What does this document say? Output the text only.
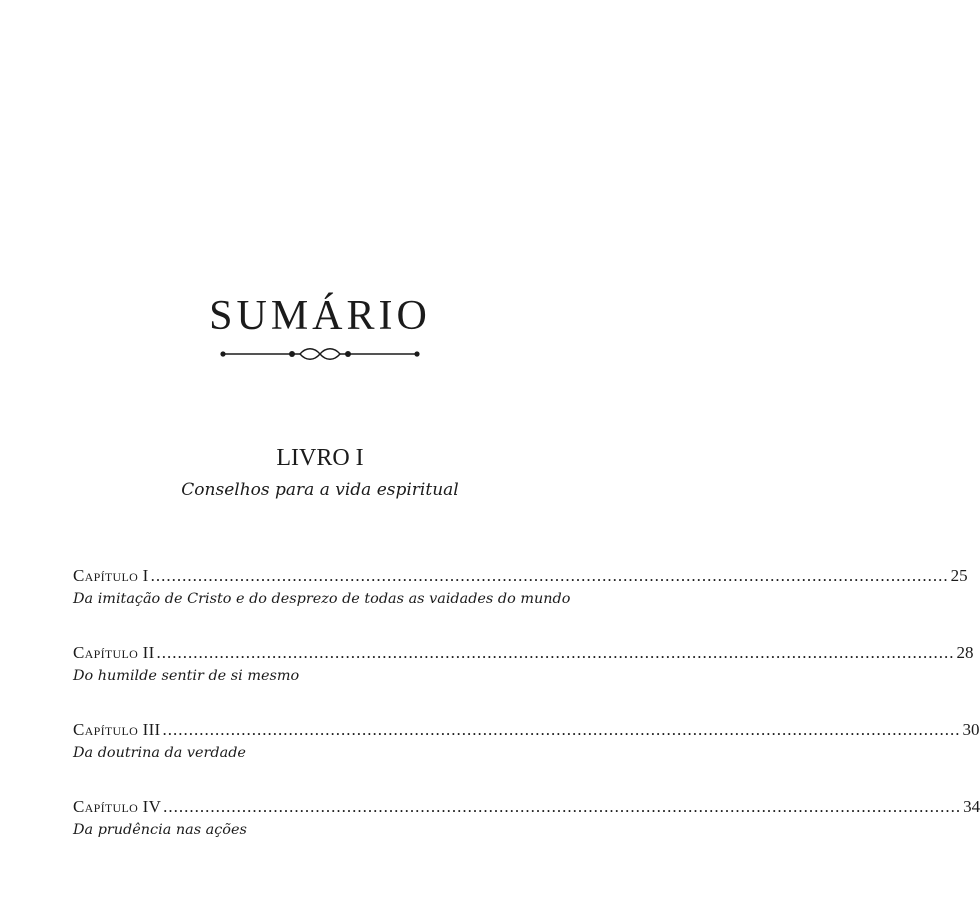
SUMÁRIO
LIVRO I
Conselhos para a vida espiritual
Capítulo I ........................................................................................................................................................ 25
Da imitação de Cristo e do desprezo de todas as vaidades do mundo
Capítulo II ........................................................................................................................................................ 28
Do humilde sentir de si mesmo
Capítulo III ........................................................................................................................................................ 30
Da doutrina da verdade
Capítulo IV ........................................................................................................................................................ 34
Da prudência nas ações
